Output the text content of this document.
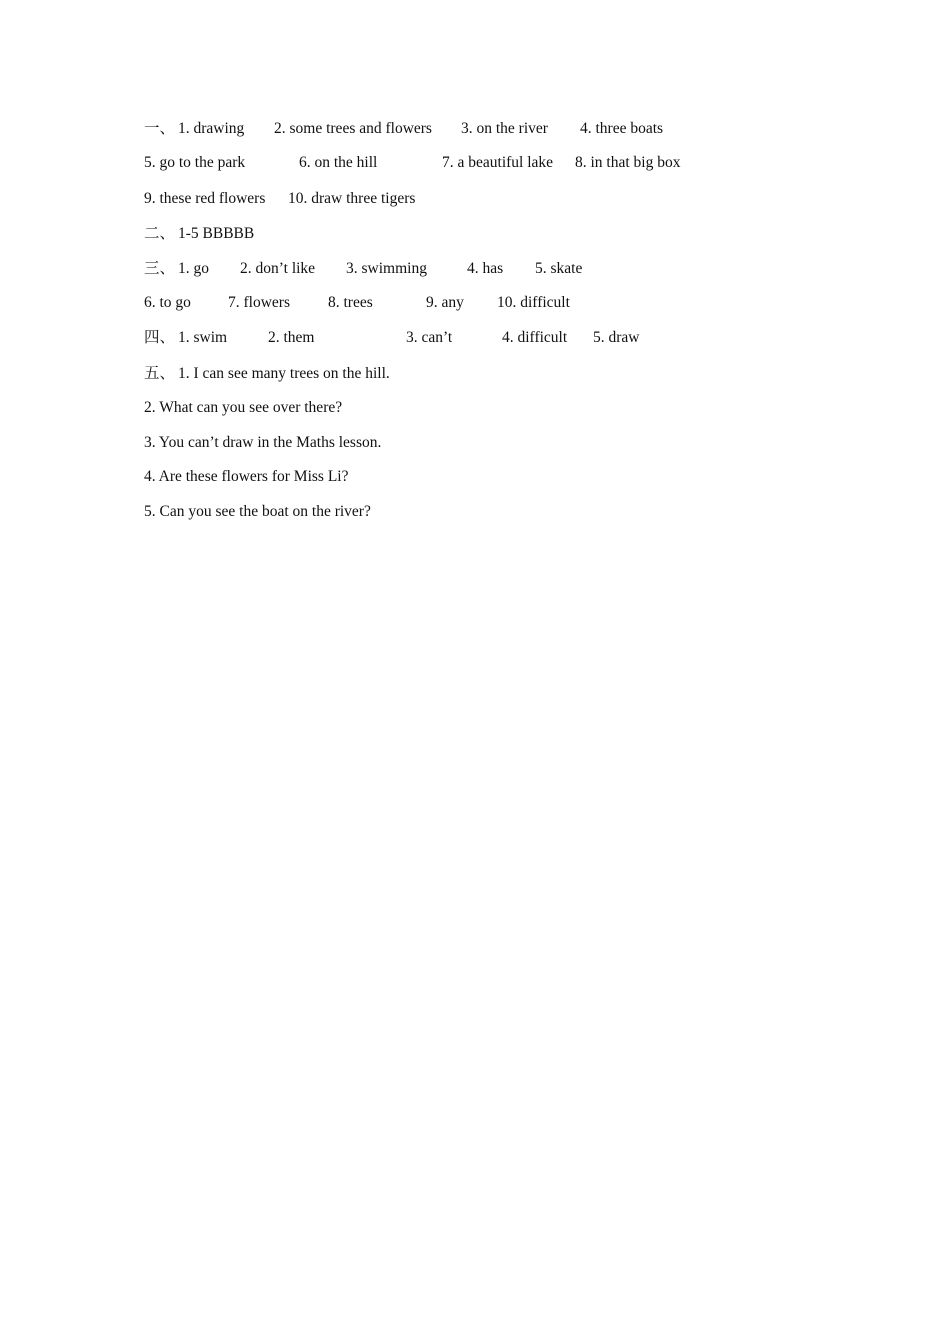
一、 1. drawing 2. some trees and flowers 3. on the river 4. three boats
5. go to the park	6. on the hill	7. a beautiful lake 8. in that big box
9. these red flowers 10. draw three tigers
二、 1-5 BBBBB
三、 1. go 2. don’t like 3. swimming	4. has 5. skate
6. to go 7. flowers 8. trees	9. any 10. difficult
四、 1. swim	2. them	3. can’t	4. difficult 5. draw
五、 1. I can see many trees on the hill.
2. What can you see over there?
3. You can’t draw in the Maths lesson.
4. Are these flowers for Miss Li?
5. Can you see the boat on the river?
